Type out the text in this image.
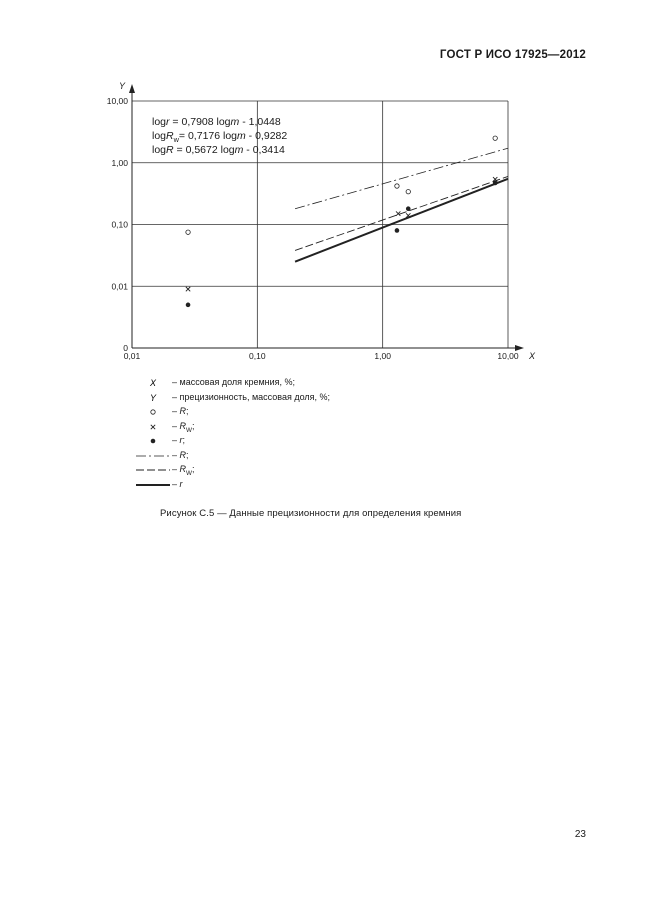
ГОСТ Р ИСО 17925—2012
Y
X
0,01	0,10	1,00	10,00
0
0,01
0,10
1,00
10,00
logr = 0,7908 logm - 1,0448
logR$_w$= 0,7176 logm - 0,9282
logR = 0,5672 logm - 0,3414
X – массовая доля кремния, %;
Y – прецизионность, массовая доля, %;
– R;
– $R_W$;
– r;
– R;
– $R_W$;
– r
Рисунок С.5 — Данные прецизионности для определения кремния
23
